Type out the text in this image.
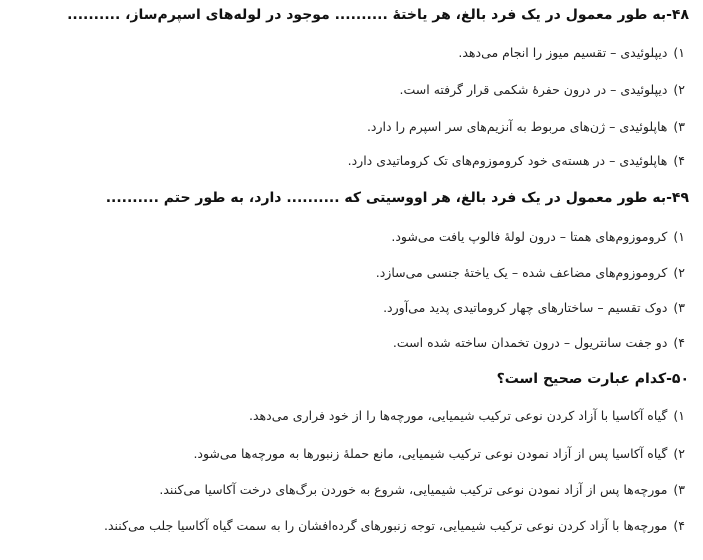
۴۸-به طور معمول در یک فرد بالغ، هر یاختهٔ .......... موجود در لوله‌های اسپرم‌ساز، ..........
۱)دیپلوئیدی – تقسیم میوز را انجام می‌دهد.
۲)دیپلوئیدی – در درون حفرهٔ شکمی قرار گرفته است.
۳)هاپلوئیدی – ژن‌های مربوط به آنزیم‌های سر اسپرم را دارد.
۴)هاپلوئیدی – در هسته‌ی خود کروموزوم‌های تک کروماتیدی دارد.
۴۹-به طور معمول در یک فرد بالغ، هر اووسیتی که .......... دارد، به طور حتم ..........
۱)کروموزوم‌های همتا – درون لولهٔ فالوپ یافت می‌شود.
۲)کروموزوم‌های مضاعف شده – یک یاختهٔ جنسی می‌سازد.
۳)دوک تقسیم – ساختارهای چهار کروماتیدی پدید می‌آورد.
۴)دو جفت سانتریول – درون تخمدان ساخته شده است.
۵۰-کدام عبارت صحیح است؟
۱)گیاه آکاسیا با آزاد کردن نوعی ترکیب شیمیایی، مورچه‌ها را از خود فراری می‌دهد.
۲)گیاه آکاسیا پس از آزاد نمودن نوعی ترکیب شیمیایی، مانع حملهٔ زنبورها به مورچه‌ها می‌شود.
۳)مورچه‌ها پس از آزاد نمودن نوعی ترکیب شیمیایی، شروع به خوردن برگ‌های درخت آکاسیا می‌کنند.
۴)مورچه‌ها با آزاد کردن نوعی ترکیب شیمیایی، توجه زنبورهای گرده‌افشان را به سمت گیاه آکاسیا جلب می‌کنند.
